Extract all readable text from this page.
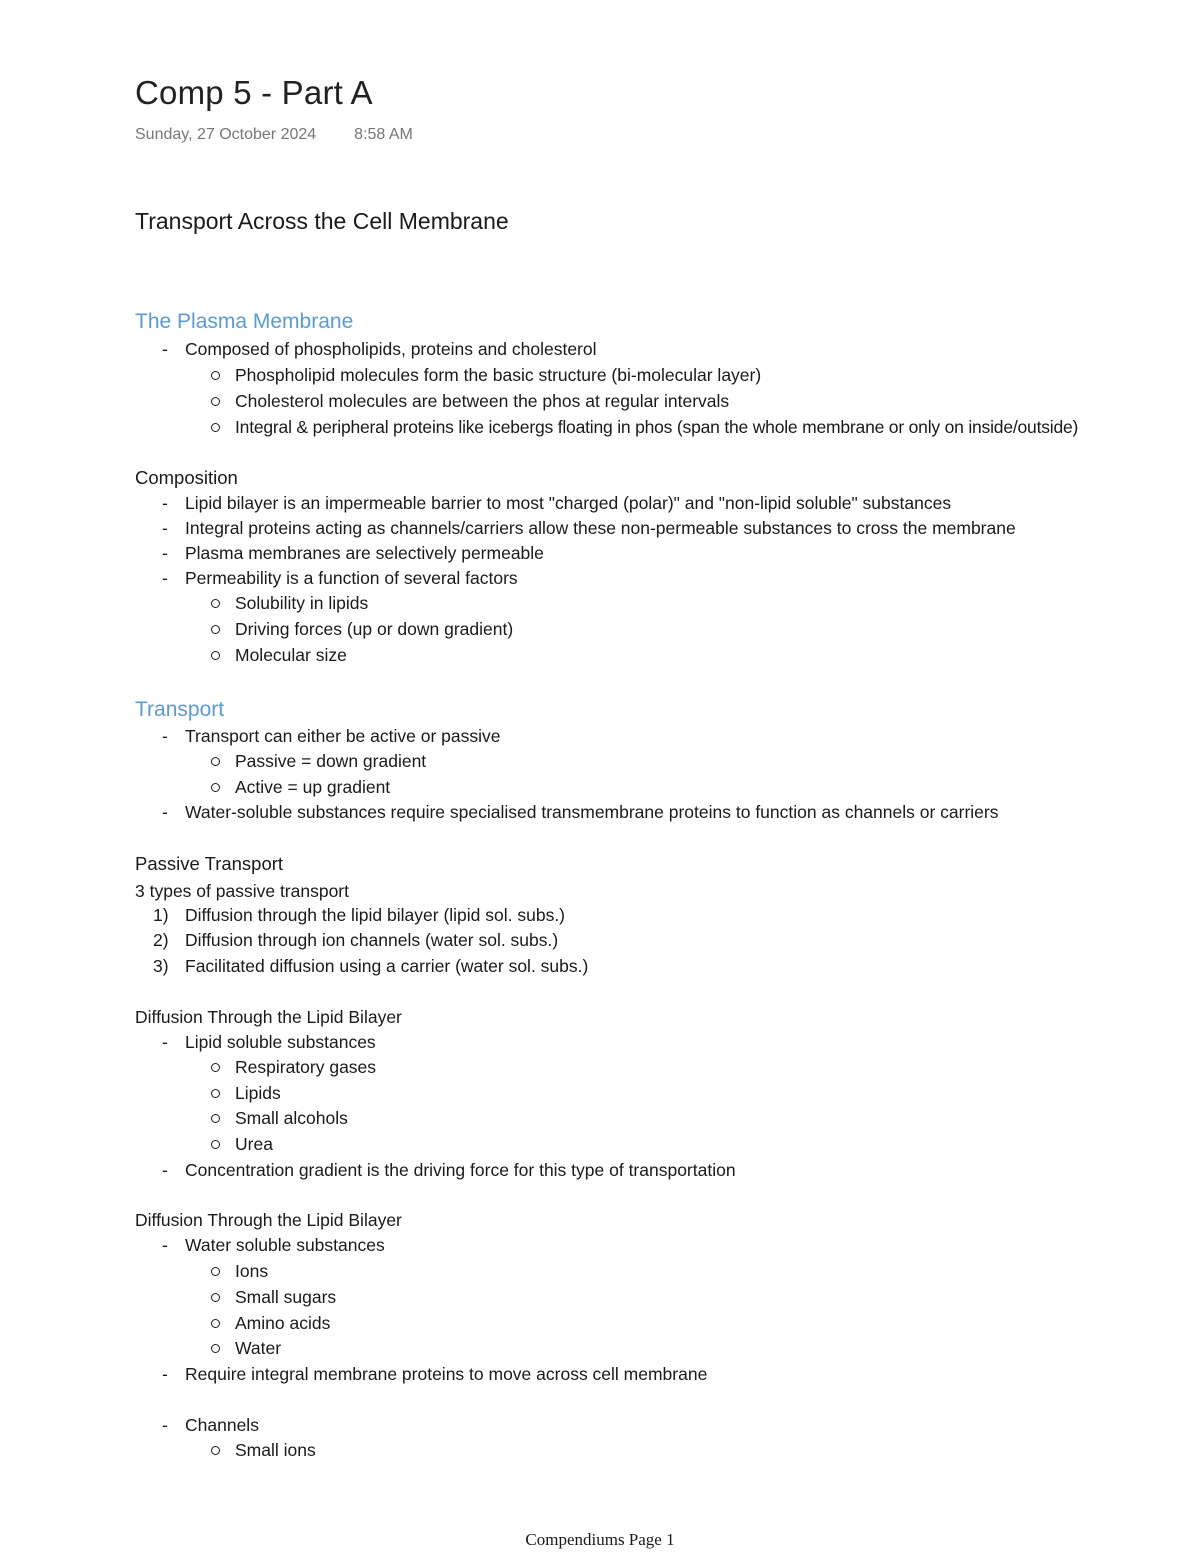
Comp 5 - Part A
Sunday, 27 October 2024 8:58 AM
Transport Across the Cell Membrane
The Plasma Membrane
- Composed of phospholipids, proteins and cholesterol
Phospholipid molecules form the basic structure (bi-molecular layer)
Cholesterol molecules are between the phos at regular intervals
Integral & peripheral proteins like icebergs floating in phos (span the whole membrane or only on inside/outside)
Composition
- Lipid bilayer is an impermeable barrier to most "charged (polar)" and "non-lipid soluble" substances
- Integral proteins acting as channels/carriers allow these non-permeable substances to cross the membrane
- Plasma membranes are selectively permeable
- Permeability is a function of several factors
Solubility in lipids
Driving forces (up or down gradient)
Molecular size
Transport
- Transport can either be active or passive
Passive = down gradient
Active = up gradient
- Water-soluble substances require specialised transmembrane proteins to function as channels or carriers
Passive Transport
3 types of passive transport
1) Diffusion through the lipid bilayer (lipid sol. subs.)
2) Diffusion through ion channels (water sol. subs.)
3) Facilitated diffusion using a carrier (water sol. subs.)
Diffusion Through the Lipid Bilayer
- Lipid soluble substances
Respiratory gases
Lipids
Small alcohols
Urea
- Concentration gradient is the driving force for this type of transportation
Diffusion Through the Lipid Bilayer
- Water soluble substances
Ions
Small sugars
Amino acids
Water
- Require integral membrane proteins to move across cell membrane
- Channels
Small ions
Compendiums Page 1
